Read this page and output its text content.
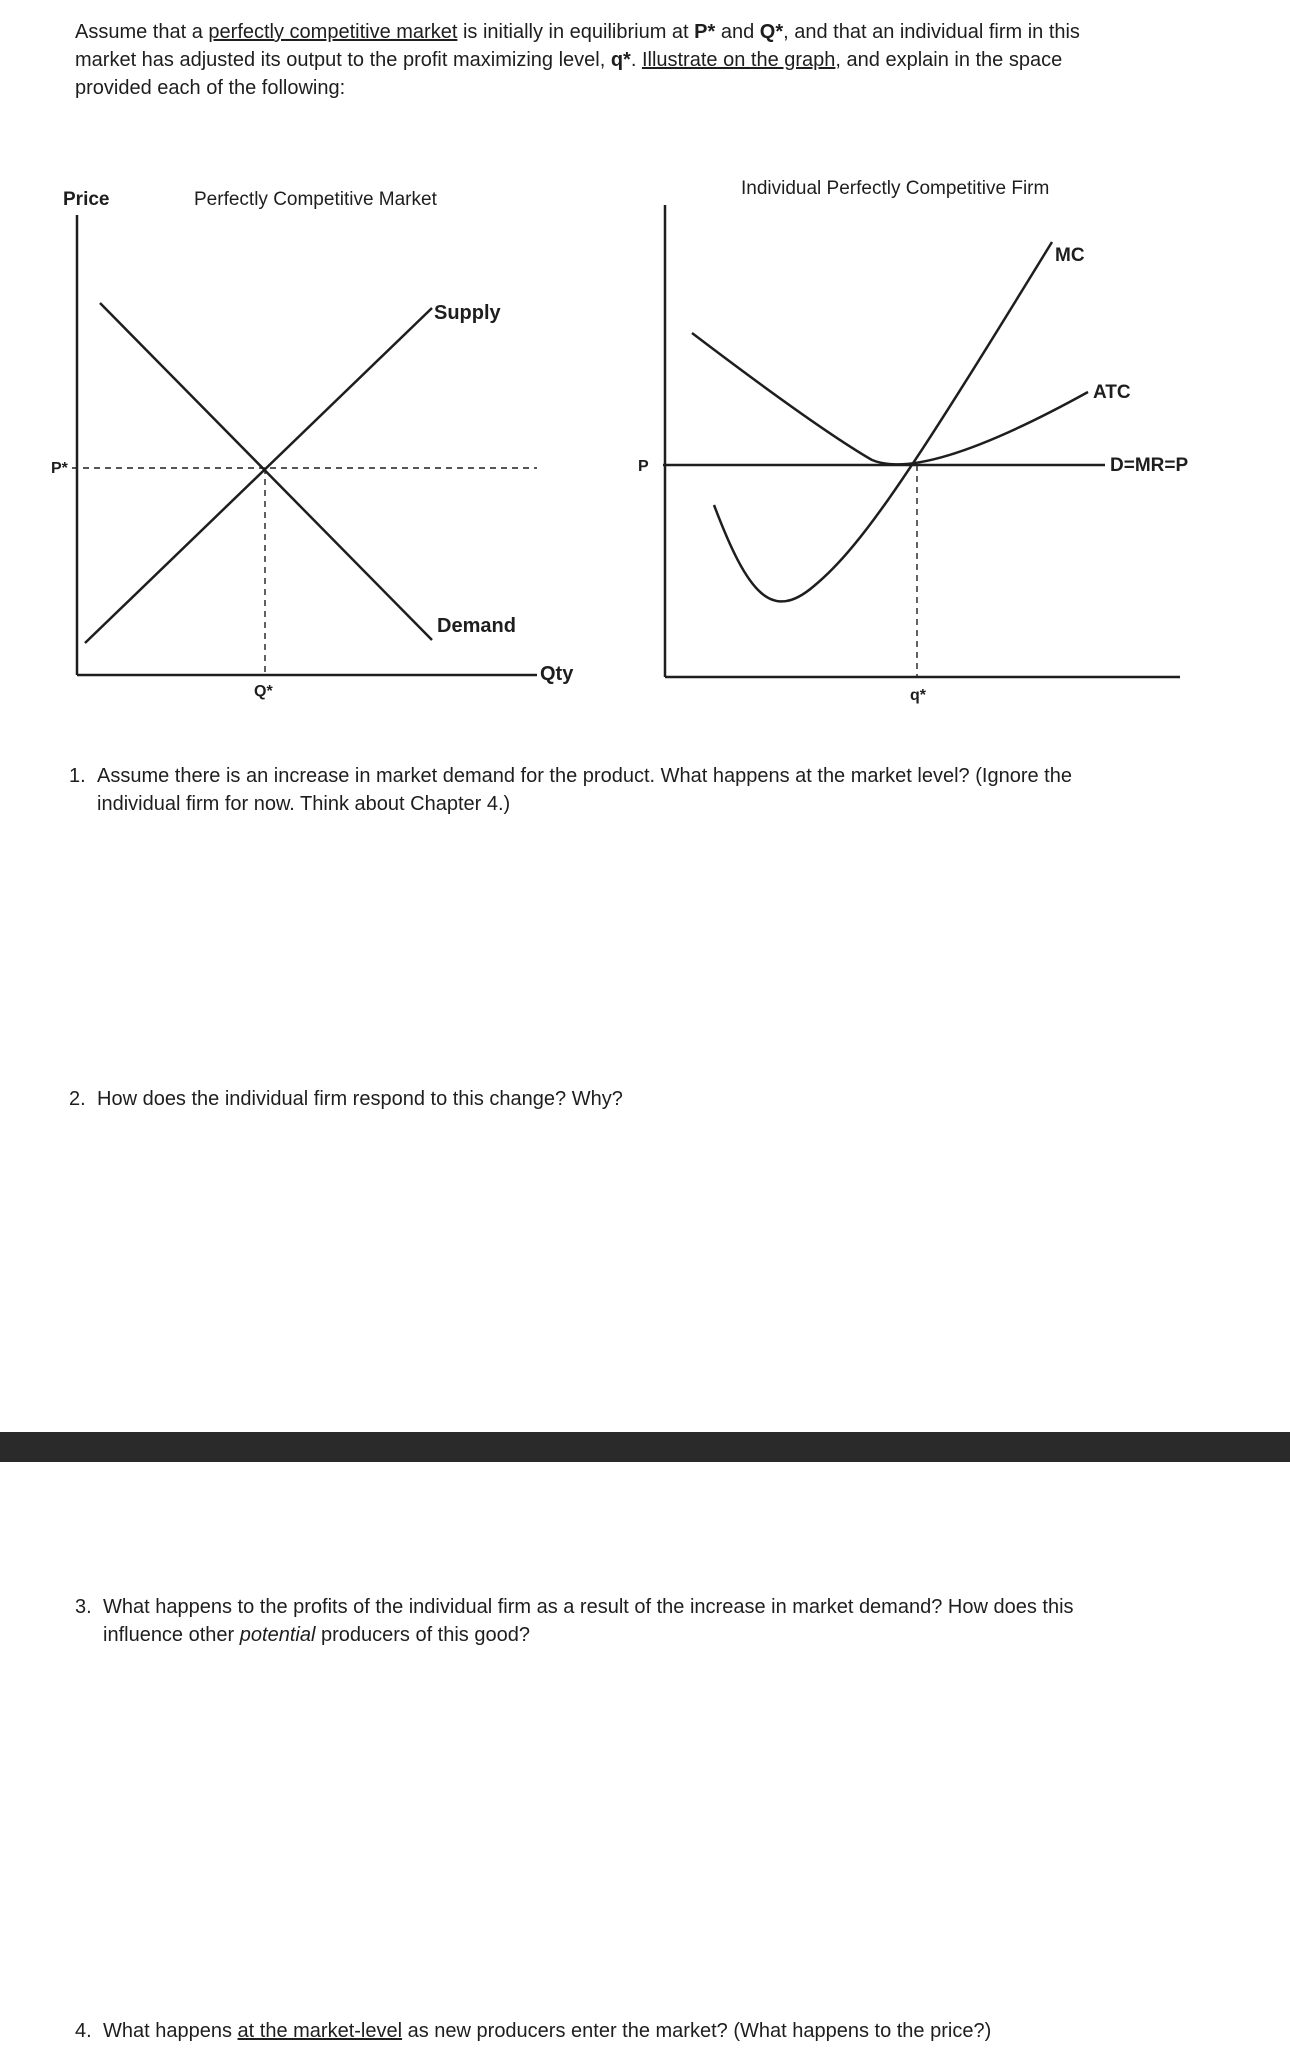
Assume that a perfectly competitive market is initially in equilibrium at P* and Q*, and that an individual firm in this market has adjusted its output to the profit maximizing level, q*. Illustrate on the graph, and explain in the space provided each of the following:

Price	Perfectly Competitive Market
Supply
Demand
Qty
P*
Q*
Individual Perfectly Competitive Firm
MC
ATC
D=MR=P
P
q*

1. Assume there is an increase in market demand for the product. What happens at the market level? (Ignore the individual firm for now. Think about Chapter 4.)

2. How does the individual firm respond to this change? Why?

3. What happens to the profits of the individual firm as a result of the increase in market demand? How does this influence other potential producers of this good?

4. What happens at the market-level as new producers enter the market? (What happens to the price?)
